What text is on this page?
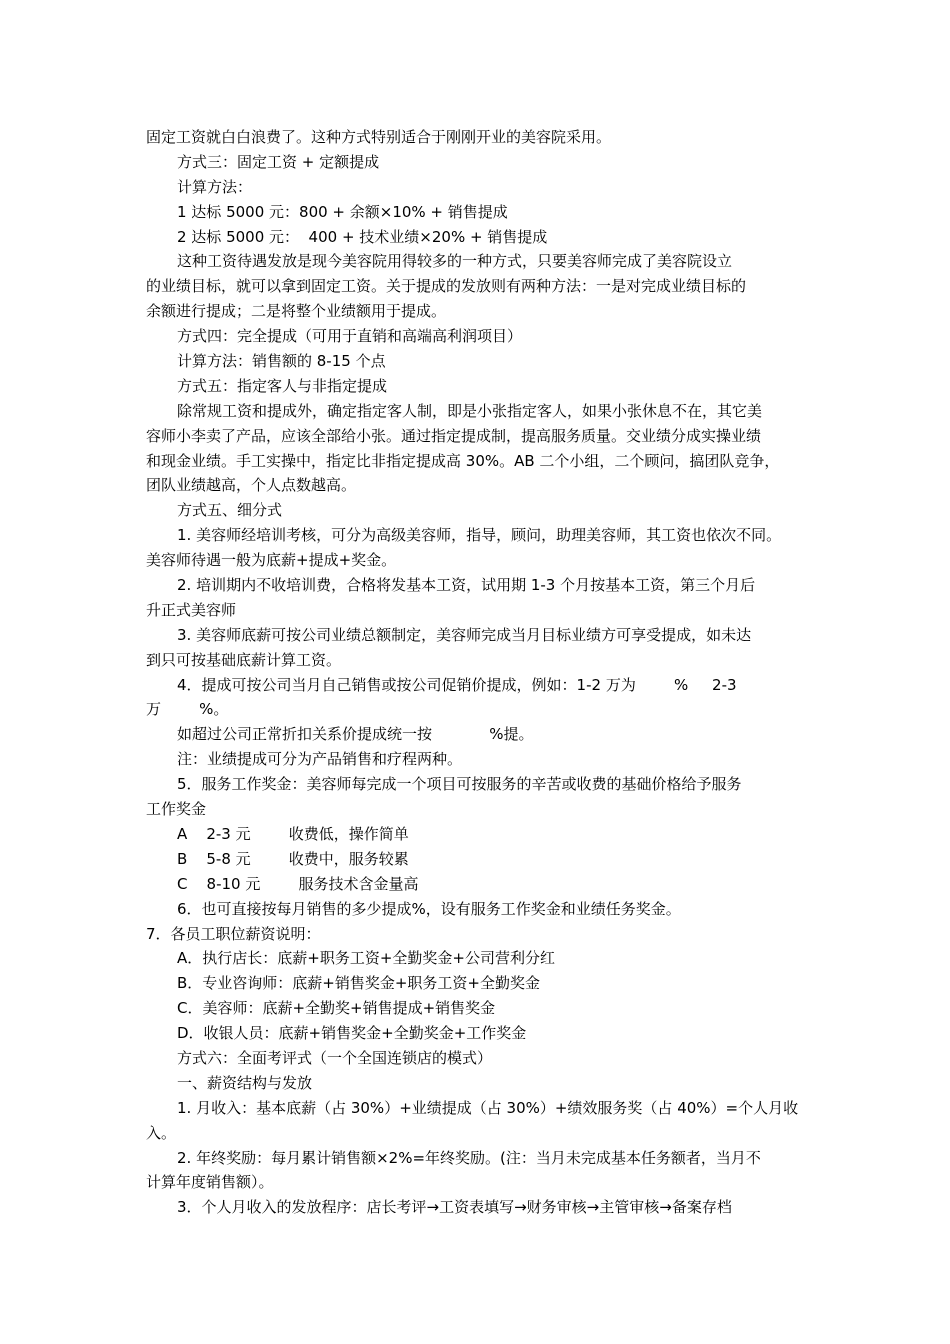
固定工资就白白浪费了。这种方式特别适合于刚刚开业的美容院采用。
方式三：固定工资 + 定额提成
计算方法：
1 达标 5000 元：800 + 余额×10% + 销售提成
2 达标 5000 元：  400 + 技术业绩×20% + 销售提成
这种工资待遇发放是现今美容院用得较多的一种方式，只要美容师完成了美容院设立
的业绩目标，就可以拿到固定工资。关于提成的发放则有两种方法：一是对完成业绩目标的
余额进行提成；二是将整个业绩额用于提成。
方式四：完全提成（可用于直销和高端高利润项目）
计算方法：销售额的 8-15 个点
方式五：指定客人与非指定提成
除常规工资和提成外，确定指定客人制，即是小张指定客人，如果小张休息不在，其它美
容师小李卖了产品，应该全部给小张。通过指定提成制，提高服务质量。交业绩分成实操业绩
和现金业绩。手工实操中，指定比非指定提成高 30%。AB 二个小组，二个顾问，搞团队竞争，
团队业绩越高，个人点数越高。
方式五、细分式
1. 美容师经培训考核，可分为高级美容师，指导，顾问，助理美容师，其工资也依次不同。
美容师待遇一般为底薪+提成+奖金。
2. 培训期内不收培训费，合格将发基本工资，试用期 1-3 个月按基本工资，第三个月后
升正式美容师
3. 美容师底薪可按公司业绩总额制定，美容师完成当月目标业绩方可享受提成，如未达
到只可按基础底薪计算工资。
4．提成可按公司当月自己销售或按公司促销价提成，例如：1-2 万为        %     2-3
万        %。
如超过公司正常折扣关系价提成统一按            %提。
注：业绩提成可分为产品销售和疗程两种。
5．服务工作奖金：美容师每完成一个项目可按服务的辛苦或收费的基础价格给予服务
工作奖金
A    2-3 元        收费低，操作简单
B    5-8 元        收费中，服务较累
C    8-10 元        服务技术含金量高
6．也可直接按每月销售的多少提成%，设有服务工作奖金和业绩任务奖金。
7．各员工职位薪资说明：
A．执行店长：底薪+职务工资+全勤奖金+公司营利分红
B．专业咨询师：底薪+销售奖金+职务工资+全勤奖金
C．美容师：底薪+全勤奖+销售提成+销售奖金
D．收银人员：底薪+销售奖金+全勤奖金+工作奖金
方式六：全面考评式（一个全国连锁店的模式）
一、薪资结构与发放
1. 月收入：基本底薪（占 30%）+业绩提成（占 30%）+绩效服务奖（占 40%）=个人月收
入。
2. 年终奖励：每月累计销售额×2%=年终奖励。(注：当月未完成基本任务额者，当月不
计算年度销售额）。
3．个人月收入的发放程序：店长考评→工资表填写→财务审核→主管审核→备案存档
